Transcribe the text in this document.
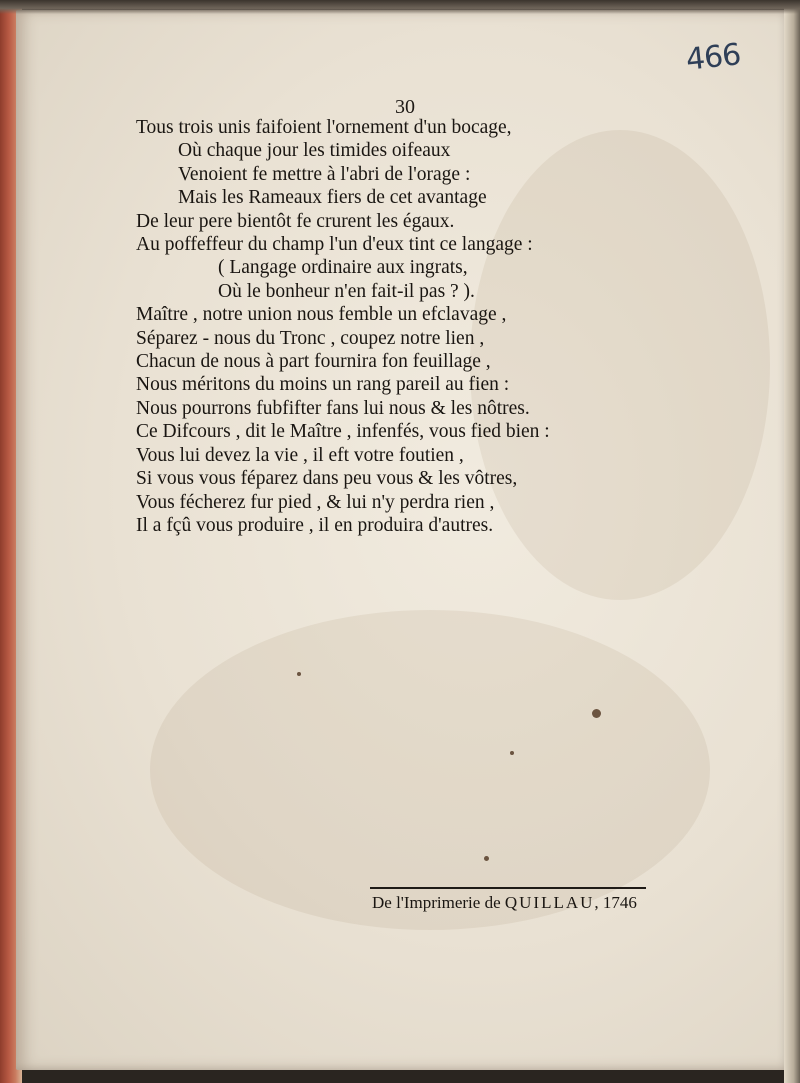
466
30
Tous trois unis faifoient l'ornement d'un bocage,
Où chaque jour les timides oifeaux
Venoient fe mettre à l'abri de l'orage :
Mais les Rameaux fiers de cet avantage
De leur pere bientôt fe crurent les égaux.
Au poffeffeur du champ l'un d'eux tint ce langage :
( Langage ordinaire aux ingrats,
Où le bonheur n'en fait-il pas ? ).
Maître , notre union nous femble un efclavage ,
Séparez - nous du Tronc , coupez notre lien ,
Chacun de nous à part fournira fon feuillage ,
Nous méritons du moins un rang pareil au fien :
Nous pourrons fubfifter fans lui nous & les nôtres.
Ce Difcours , dit le Maître , infenfés, vous fied bien :
Vous lui devez la vie , il eft votre foutien ,
Si vous vous féparez dans peu vous & les vôtres,
Vous fécherez fur pied , & lui n'y perdra rien ,
Il a fçû vous produire , il en produira d'autres.
De l'Imprimerie de QUILLAU, 1746
